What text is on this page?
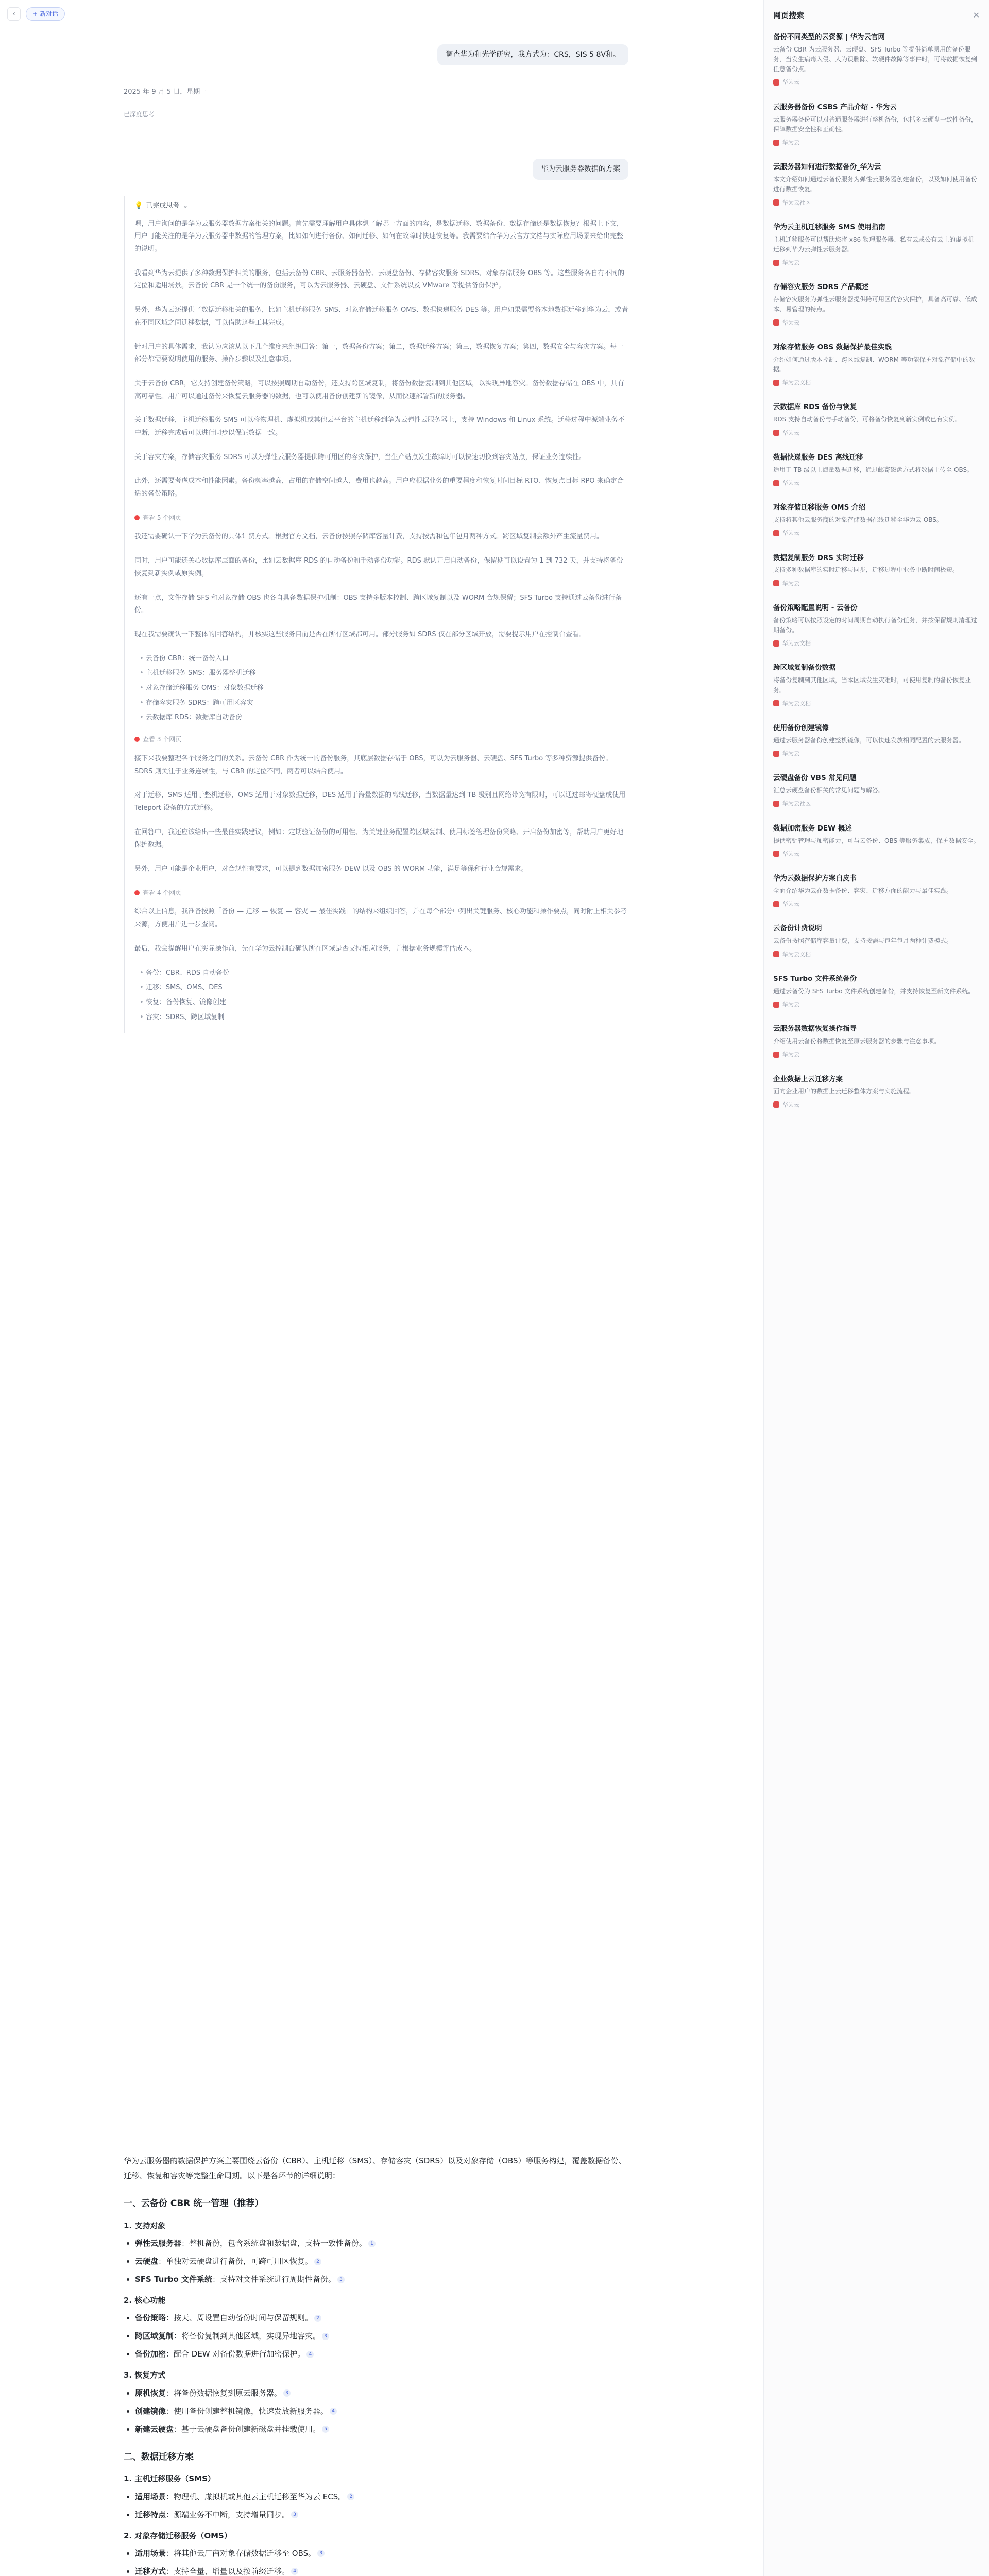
‹	+ 新对话
调查华为和光学研究，我方式为：CRS，SIS 5 8V和。
2025 年 9 月 5 日，星期一
已深度思考
华为云服务器数据的方案
💡 已完成思考 ⌄

嗯，用户询问的是华为云服务器数据方案相关的问题。首先需要理解用户具体想了解哪一方面的内容，是数据迁移、数据备份、数据存储还是数据恢复？根据上下文，用户可能关注的是华为云服务器中数据的管理方案，比如如何进行备份、如何迁移、如何在故障时快速恢复等。我需要结合华为云官方文档与实际应用场景来给出完整的说明。

我看到华为云提供了多种数据保护相关的服务，包括云备份 CBR、云服务器备份、云硬盘备份、存储容灾服务 SDRS、对象存储服务 OBS 等。这些服务各自有不同的定位和适用场景。云备份 CBR 是一个统一的备份服务，可以为云服务器、云硬盘、文件系统以及 VMware 等提供备份保护。

另外，华为云还提供了数据迁移相关的服务，比如主机迁移服务 SMS、对象存储迁移服务 OMS、数据快递服务 DES 等。用户如果需要将本地数据迁移到华为云，或者在不同区域之间迁移数据，可以借助这些工具完成。

针对用户的具体需求，我认为应该从以下几个维度来组织回答：第一，数据备份方案；第二，数据迁移方案；第三，数据恢复方案；第四，数据安全与容灾方案。每一部分都需要说明使用的服务、操作步骤以及注意事项。

关于云备份 CBR，它支持创建备份策略，可以按照周期自动备份，还支持跨区域复制，将备份数据复制到其他区域，以实现异地容灾。备份数据存储在 OBS 中，具有高可靠性。用户可以通过备份来恢复云服务器的数据，也可以使用备份创建新的镜像，从而快速部署新的服务器。

关于数据迁移，主机迁移服务 SMS 可以将物理机、虚拟机或其他云平台的主机迁移到华为云弹性云服务器上，支持 Windows 和 Linux 系统。迁移过程中源端业务不中断，迁移完成后可以进行同步以保证数据一致。

关于容灾方案，存储容灾服务 SDRS 可以为弹性云服务器提供跨可用区的容灾保护，当生产站点发生故障时可以快速切换到容灾站点，保证业务连续性。

此外，还需要考虑成本和性能因素。备份频率越高，占用的存储空间越大，费用也越高。用户应根据业务的重要程度和恢复时间目标 RTO、恢复点目标 RPO 来确定合适的备份策略。

查看 5 个网页

我还需要确认一下华为云备份的具体计费方式。根据官方文档，云备份按照存储库容量计费，支持按需和包年包月两种方式。跨区域复制会额外产生流量费用。

同时，用户可能还关心数据库层面的备份，比如云数据库 RDS 的自动备份和手动备份功能。RDS 默认开启自动备份，保留期可以设置为 1 到 732 天，并支持将备份恢复到新实例或原实例。

还有一点，文件存储 SFS 和对象存储 OBS 也各自具备数据保护机制：OBS 支持多版本控制、跨区域复制以及 WORM 合规保留；SFS Turbo 支持通过云备份进行备份。

现在我需要确认一下整体的回答结构，并核实这些服务目前是否在所有区域都可用。部分服务如 SDRS 仅在部分区域开放，需要提示用户在控制台查看。

• 云备份 CBR：统一备份入口
• 主机迁移服务 SMS：服务器整机迁移
• 对象存储迁移服务 OMS：对象数据迁移
• 存储容灾服务 SDRS：跨可用区容灾
• 云数据库 RDS：数据库自动备份
查看 3 个网页

接下来我要整理各个服务之间的关系。云备份 CBR 作为统一的备份服务，其底层数据存储于 OBS，可以为云服务器、云硬盘、SFS Turbo 等多种资源提供备份。SDRS 则关注于业务连续性，与 CBR 的定位不同，两者可以结合使用。

对于迁移，SMS 适用于整机迁移，OMS 适用于对象数据迁移，DES 适用于海量数据的离线迁移，当数据量达到 TB 级别且网络带宽有限时，可以通过邮寄硬盘或使用 Teleport 设备的方式迁移。

在回答中，我还应该给出一些最佳实践建议，例如：定期验证备份的可用性、为关键业务配置跨区域复制、使用标签管理备份策略、开启备份加密等，帮助用户更好地保护数据。

另外，用户可能是企业用户，对合规性有要求，可以提到数据加密服务 DEW 以及 OBS 的 WORM 功能，满足等保和行业合规需求。

查看 4 个网页

综合以上信息，我准备按照「备份 — 迁移 — 恢复 — 容灾 — 最佳实践」的结构来组织回答，并在每个部分中列出关键服务、核心功能和操作要点，同时附上相关参考来源，方便用户进一步查阅。

最后，我会提醒用户在实际操作前，先在华为云控制台确认所在区域是否支持相应服务，并根据业务规模评估成本。

• 备份：CBR、RDS 自动备份
• 迁移：SMS、OMS、DES
• 恢复：备份恢复、镜像创建
• 容灾：SDRS、跨区域复制

华为云服务器的数据保护方案主要围绕云备份（CBR）、主机迁移（SMS）、存储容灾（SDRS）以及对象存储（OBS）等服务构建，覆盖数据备份、迁移、恢复和容灾等完整生命周期。以下是各环节的详细说明：

一、云备份 CBR 统一管理（推荐）
1. 支持对象
• 弹性云服务器：整机备份，包含系统盘和数据盘，支持一致性备份。 1
• 云硬盘：单独对云硬盘进行备份，可跨可用区恢复。 2
• SFS Turbo 文件系统：支持对文件系统进行周期性备份。 3
2. 核心功能
• 备份策略：按天、周设置自动备份时间与保留规则。 2
• 跨区域复制：将备份复制到其他区域，实现异地容灾。 3
• 备份加密：配合 DEW 对备份数据进行加密保护。 4
3. 恢复方式
• 原机恢复：将备份数据恢复到原云服务器。 3
• 创建镜像：使用备份创建整机镜像，快速发放新服务器。 4
• 新建云硬盘：基于云硬盘备份创建新磁盘并挂载使用。 5
二、数据迁移方案
1. 主机迁移服务（SMS）
• 适用场景：物理机、虚拟机或其他云主机迁移至华为云 ECS。 2
• 迁移特点：源端业务不中断，支持增量同步。 3
2. 对象存储迁移服务（OMS）
• 适用场景：将其他云厂商对象存储数据迁移至 OBS。 3
• 迁移方式：支持全量、增量以及按前缀迁移。 4

网页搜索	✕
备份不同类型的云资源 | 华为云官网
云备份 CBR 为云服务器、云硬盘、SFS Turbo 等提供简单易用的备份服务，当发生病毒入侵、人为误删除、软硬件故障等事件时，可将数据恢复到任意备份点。
华为云
云服务器备份 CSBS 产品介绍 - 华为云
云服务器备份可以对普通服务器进行整机备份，包括多云硬盘一致性备份，保障数据安全性和正确性。
华为云
云服务器如何进行数据备份_华为云
本文介绍如何通过云备份服务为弹性云服务器创建备份，以及如何使用备份进行数据恢复。
华为云社区
华为云主机迁移服务 SMS 使用指南
主机迁移服务可以帮助您将 x86 物理服务器、私有云或公有云上的虚拟机迁移到华为云弹性云服务器。
华为云
存储容灾服务 SDRS 产品概述
存储容灾服务为弹性云服务器提供跨可用区的容灾保护，具备高可靠、低成本、易管理的特点。
华为云
对象存储服务 OBS 数据保护最佳实践
介绍如何通过版本控制、跨区域复制、WORM 等功能保护对象存储中的数据。
华为云文档
云数据库 RDS 备份与恢复
RDS 支持自动备份与手动备份，可将备份恢复到新实例或已有实例。
华为云
数据快递服务 DES 离线迁移
适用于 TB 级以上海量数据迁移，通过邮寄磁盘方式将数据上传至 OBS。
华为云
对象存储迁移服务 OMS 介绍
支持将其他云服务商的对象存储数据在线迁移至华为云 OBS。
华为云
数据复制服务 DRS 实时迁移
支持多种数据库的实时迁移与同步，迁移过程中业务中断时间极短。
华为云
备份策略配置说明 - 云备份
备份策略可以按照设定的时间周期自动执行备份任务，并按保留规则清理过期备份。
华为云文档
跨区域复制备份数据
将备份复制到其他区域，当本区域发生灾难时，可使用复制的备份恢复业务。
华为云文档
使用备份创建镜像
通过云服务器备份创建整机镜像，可以快速发放相同配置的云服务器。
华为云
云硬盘备份 VBS 常见问题
汇总云硬盘备份相关的常见问题与解答。
华为云社区
数据加密服务 DEW 概述
提供密钥管理与加密能力，可与云备份、OBS 等服务集成，保护数据安全。
华为云
华为云数据保护方案白皮书
全面介绍华为云在数据备份、容灾、迁移方面的能力与最佳实践。
华为云
云备份计费说明
云备份按照存储库容量计费，支持按需与包年包月两种计费模式。
华为云文档
SFS Turbo 文件系统备份
通过云备份为 SFS Turbo 文件系统创建备份，并支持恢复至新文件系统。
华为云
云服务器数据恢复操作指导
介绍使用云备份将数据恢复至原云服务器的步骤与注意事项。
华为云
企业数据上云迁移方案
面向企业用户的数据上云迁移整体方案与实施流程。
华为云
